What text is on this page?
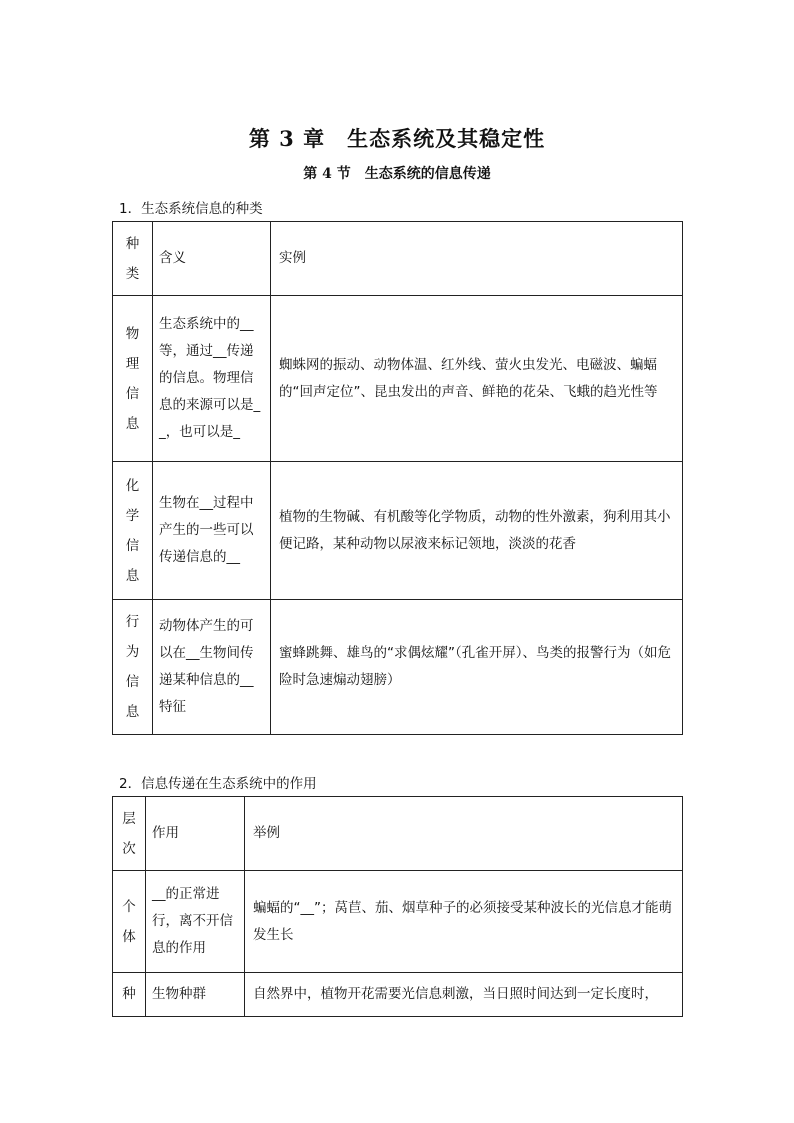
第 3 章　生态系统及其稳定性
第 4 节　生态系统的信息传递
1．生态系统信息的种类
种类	含义	实例

物理信息	生态系统中的__等，通过__传递的信息。物理信息的来源可以是__，也可以是_	蜘蛛网的振动、动物体温、红外线、萤火虫发光、电磁波、蝙蝠的“回声定位”、昆虫发出的声音、鲜艳的花朵、飞蛾的趋光性等

化学信息	生物在__过程中产生的一些可以传递信息的__	植物的生物碱、有机酸等化学物质，动物的性外激素，狗利用其小便记路，某种动物以尿液来标记领地，淡淡的花香

行为信息	动物体产生的可以在__生物间传递某种信息的__特征	蜜蜂跳舞、雄鸟的“求偶炫耀”（孔雀开屏）、鸟类的报警行为（如危险时急速煽动翅膀）
2．信息传递在生态系统中的作用
层次	作用	举例

个体	__的正常进行，离不开信息的作用	蝙蝠的“__”；莴苣、茄、烟草种子的必须接受某种波长的光信息才能萌发生长
种	生物种群	自然界中，植物开花需要光信息刺激，当日照时间达到一定长度时，
